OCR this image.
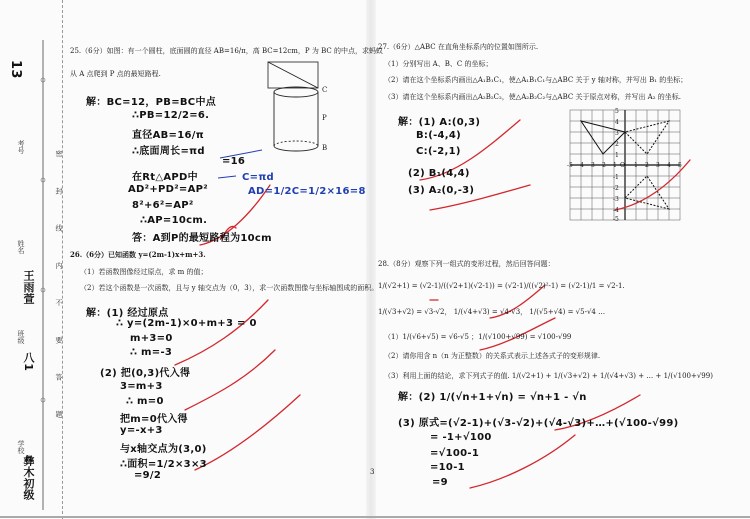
13
考号
姓名
班级
学校
王雨萱
八1
彝木初级
密 封 线 内 不 要 答 题
25.（6分）如图：有一个圆柱，底面圆的直径 AB=16/π，高 BC=12cm，P 为 BC 的中点，求蚂蚁
从 A 点爬到 P 点的最短路程.
C
P
B
解：BC=12，PB=BC中点
∴PB=12/2=6.
直径AB=16/π
∴底面周长=πd
=16
C=πd
AD=1/2C=1/2×16=8
在Rt△APD中
AD²+PD²=AP²
8²+6²=AP²
∴AP=10cm.
答：A到P的最短路程为10cm
26.（6分）已知函数 y=(2m-1)x+m+3.
（1）若函数图像经过原点，求 m 的值；
（2）若这个函数是一次函数，且与 y 轴交点为（0，3），求一次函数图像与坐标轴围成的面积。
解：(1) 经过原点
∴ y=(2m-1)×0+m+3 = 0
m+3=0
∴ m=-3
(2) 把(0,3)代入得
3=m+3
∴ m=0
把m=0代入得
y=-x+3
与x轴交点为(3,0)
∴面积=1/2×3×3
=9/2
27.（6分）△ABC 在直角坐标系内的位置如图所示.
（1）分别写出 A、B、C 的坐标；
（2）请在这个坐标系内画出△A₁B₁C₁，使△A₁B₁C₁与△ABC 关于 y 轴对称，并写出 B₁ 的坐标；
（3）请在这个坐标系内画出△A₂B₂C₂，使△A₂B₂C₂与△ABC 关于原点对称，并写出 A₂ 的坐标.
解：(1) A:(0,3)
B:(-4,4)
C:(-2,1)
(2) B₁(4,4)
(3) A₂(0,-3)
-5 -4 -3 -2 -1 O 1 2 3 4 5
5
4
3
2
1
-1
-2
-3
-4
-5
28.（8分）观察下列一组式的变形过程，然后回答问题：
1/(√2+1) = (√2-1)/((√2+1)(√2-1)) = (√2-1)/((√2)²-1) = (√2-1)/1 = √2-1.
1/(√3+√2) = √3-√2， 1/(√4+√3) = √4-√3， 1/(√5+√4) = √5-√4 …
（1）1/(√6+√5) = √6-√5 ；1/(√100+√99) = √100-√99
（2）请你用含 n（n 为正整数）的关系式表示上述各式子的变形规律.
（3）利用上面的结论，求下列式子的值. 1/(√2+1) + 1/(√3+√2) + 1/(√4+√3) + … + 1/(√100+√99)
解：(2) 1/(√n+1+√n) = √n+1 - √n
(3) 原式=(√2-1)+(√3-√2)+(√4-√3)+…+(√100-√99)
= -1+√100
=√100-1
=10-1
=9
3
